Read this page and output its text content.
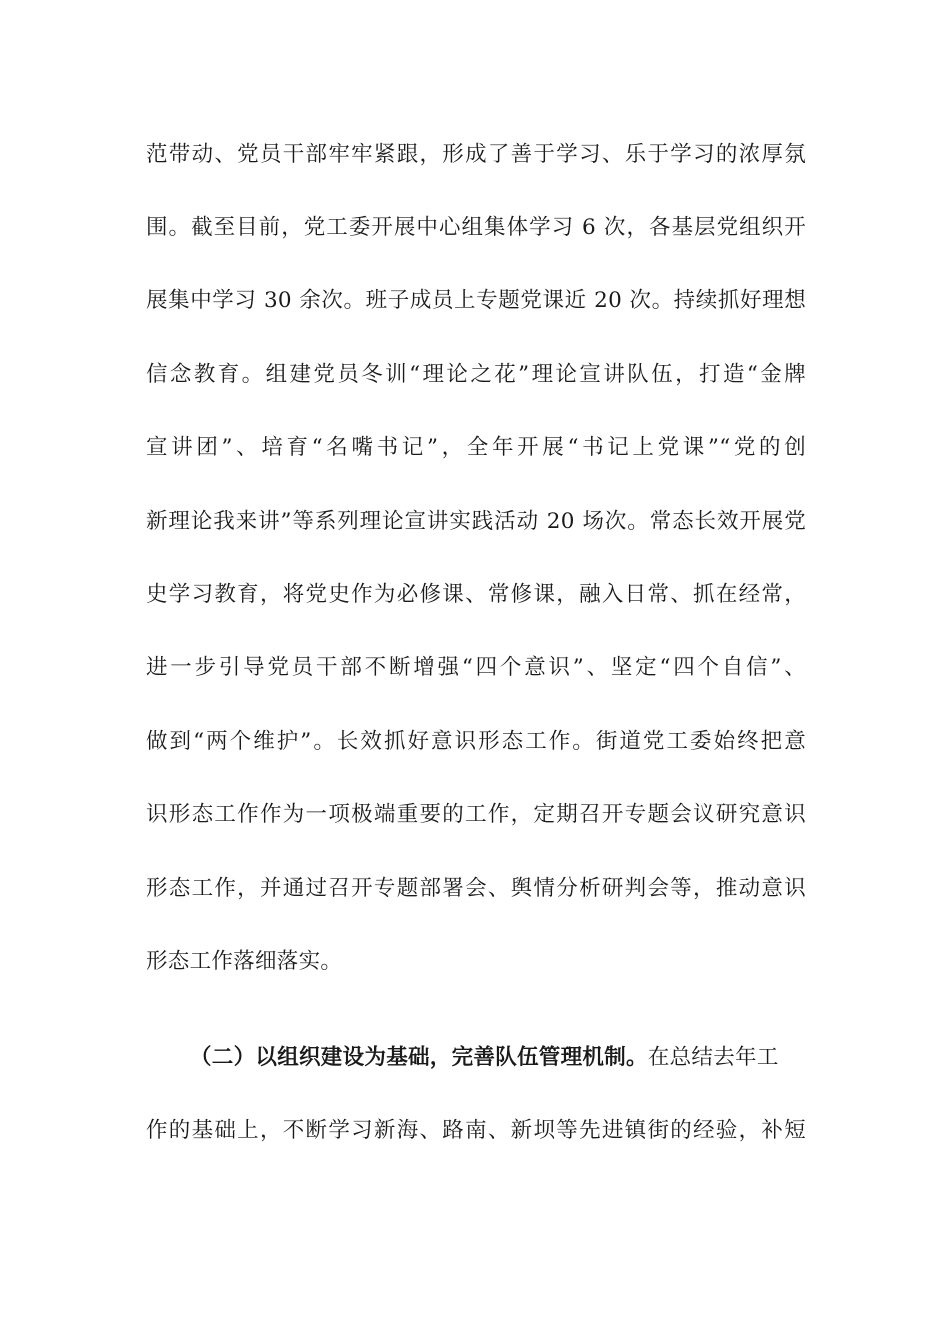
范带动、党员干部牢牢紧跟，形成了善于学习、乐于学习的浓厚氛
围。截至目前，党工委开展中心组集体学习 6 次，各基层党组织开
展集中学习 30 余次。班子成员上专题党课近 20 次。持续抓好理想
信念教育。组建党员冬训“理论之花”理论宣讲队伍，打造“金牌
宣讲团”、培育“名嘴书记”，全年开展“书记上党课”“党的创
新理论我来讲”等系列理论宣讲实践活动 20 场次。常态长效开展党
史学习教育，将党史作为必修课、常修课，融入日常、抓在经常，
进一步引导党员干部不断增强“四个意识”、坚定“四个自信”、
做到“两个维护”。长效抓好意识形态工作。街道党工委始终把意
识形态工作作为一项极端重要的工作，定期召开专题会议研究意识
形态工作，并通过召开专题部署会、舆情分析研判会等，推动意识
形态工作落细落实。
（二）以组织建设为基础，完善队伍管理机制。在总结去年工
作的基础上，不断学习新海、路南、新坝等先进镇街的经验，补短
